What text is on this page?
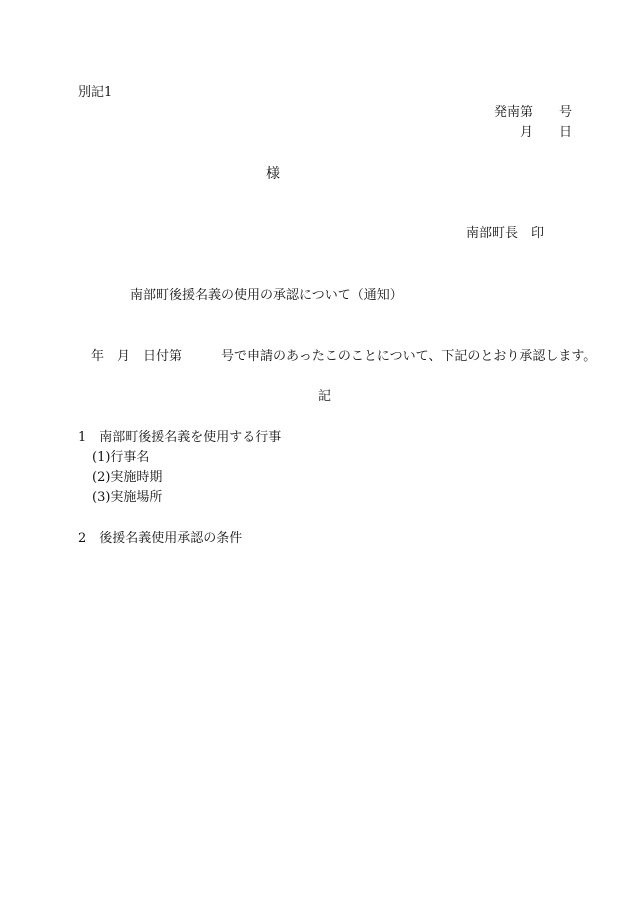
別記1
発南第　　号
月　　日
様
南部町長　印
南部町後援名義の使用の承認について（通知）
年　月　日付第　　　号で申請のあったこのことについて、下記のとおり承認します。
記
1　南部町後援名義を使用する行事
(1)行事名
(2)実施時期
(3)実施場所
2　後援名義使用承認の条件
